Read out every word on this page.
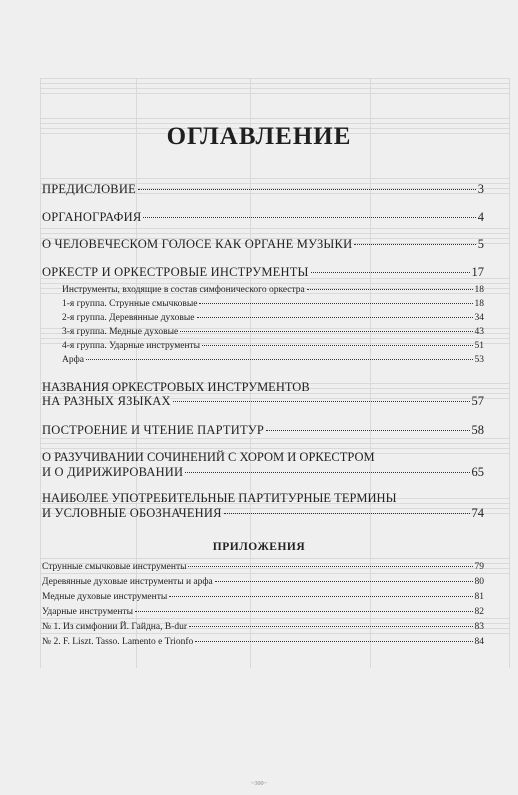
ОГЛАВЛЕНИЕ
ПРЕДИСЛОВИЕ	3
ОРГАНОГРАФИЯ	4
О ЧЕЛОВЕЧЕСКОМ ГОЛОСЕ КАК ОРГАНЕ МУЗЫКИ	5
ОРКЕСТР И ОРКЕСТРОВЫЕ ИНСТРУМЕНТЫ	17
Инструменты, входящие в состав симфонического оркестра	18
1-я группа. Струнные смычковые	18
2-я группа. Деревянные духовые	34
3-я группа. Медные духовые	43
4-я группа. Ударные инструменты	51
Арфа	53
НАЗВАНИЯ ОРКЕСТРОВЫХ ИНСТРУМЕНТОВ
НА РАЗНЫХ ЯЗЫКАХ	57
ПОСТРОЕНИЕ И ЧТЕНИЕ ПАРТИТУР	58
О РАЗУЧИВАНИИ СОЧИНЕНИЙ С ХОРОМ И ОРКЕСТРОМ
И О ДИРИЖИРОВАНИИ	65
НАИБОЛЕЕ УПОТРЕБИТЕЛЬНЫЕ ПАРТИТУРНЫЕ ТЕРМИНЫ
И УСЛОВНЫЕ ОБОЗНАЧЕНИЯ	74
ПРИЛОЖЕНИЯ
Струнные смычковые инструменты	79
Деревянные духовые инструменты и арфа	80
Медные духовые инструменты	81
Ударные инструменты	82
№ 1. Из симфонии Й. Гайдна, B-dur	83
№ 2. F. Liszt. Tasso. Lamento e Trionfo	84
~300~
